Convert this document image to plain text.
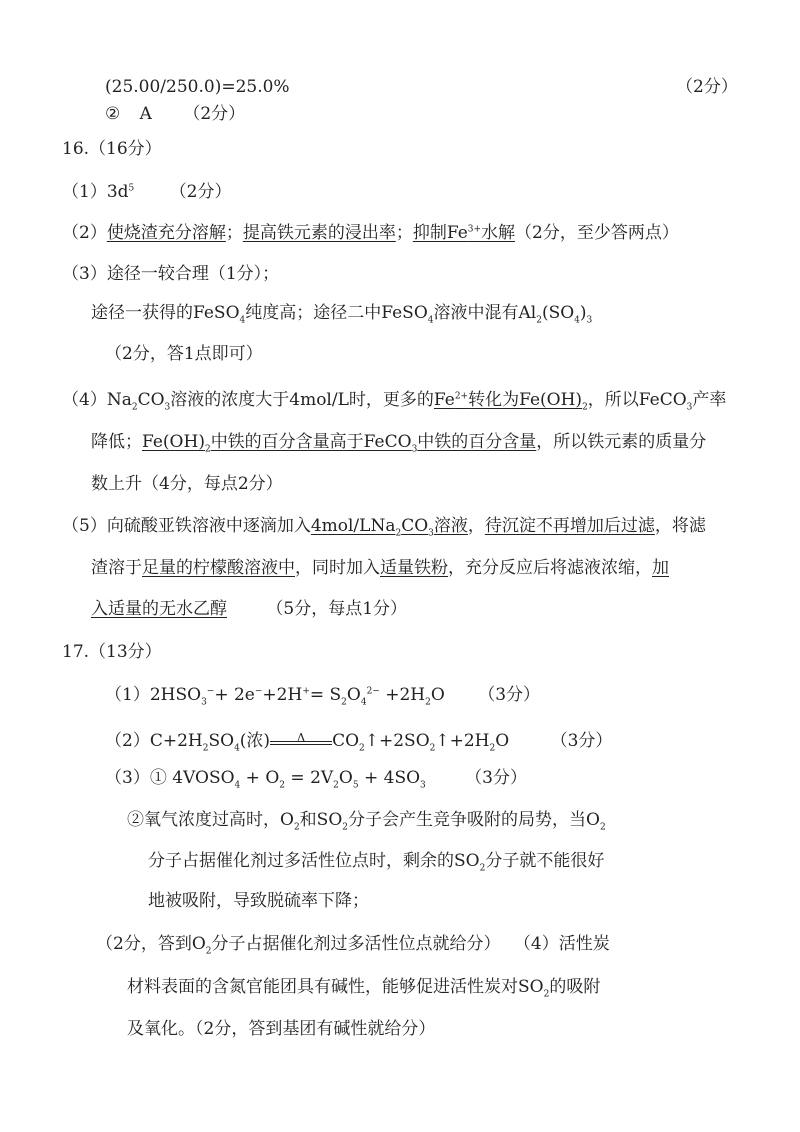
(25.00/250.0)=25.0%	（2分）
② A （2分）
16.（16分）
$(1)3d^5$ （2分）
（2）使烧渣充分溶解；提高铁元素的浸出率；抑制$Fe^{3+}$水解（2分，至少答两点）
（3）途径一较合理（1分）；
途径一获得的FeSO$_4$纯度高；途径二中FeSO$_4$溶液中混有$Al_2(SO_4)_3$
（2分，答1点即可）
$(4)Na_2CO_3$溶液的浓度大于4mol/L时，更多的$Fe^{2+}$转化为$Fe(OH)_2$，所以FeCO$_3$产率
降低；$Fe(OH)_2$中铁的百分含量高于FeCO$_3$中铁的百分含量，所以铁元素的质量分
数上升（4分，每点2分）
（5）向硫酸亚铁溶液中逐滴加入$4mol/LNa_2CO_3$溶液，待沉淀不再增加后过滤，将滤
渣溶于足量的柠檬酸溶液中，同时加入适量铁粉，充分反应后将滤液浓缩，加
入适量的无水乙醇 （5分，每点1分）
17.（13分）
$(1)2HSO_3^-+ 2e^-+2H^+= S_2O_4^{2-} +2H_2O$ （3分）
$(2)C+2H_2SO_4$(浓)	Δ	$CO_2↑+2SO_2↑+2H_2O$ （3分）
（3）① $4VOSO_4 + O_2 = 2V_2O_5 + 4SO_3$ （3分）
②氧气浓度过高时，$O_2$和$SO_2$分子会产生竞争吸附的局势，当$O_2$
分子占据催化剂过多活性位点时，剩余的$SO_2$分子就不能很好
地被吸附，导致脱硫率下降；
（2分，答到$O_2$分子占据催化剂过多活性位点就给分） （4）活性炭
材料表面的含氮官能团具有碱性，能够促进活性炭对$SO_2$的吸附
及氧化。（2分，答到基团有碱性就给分）
